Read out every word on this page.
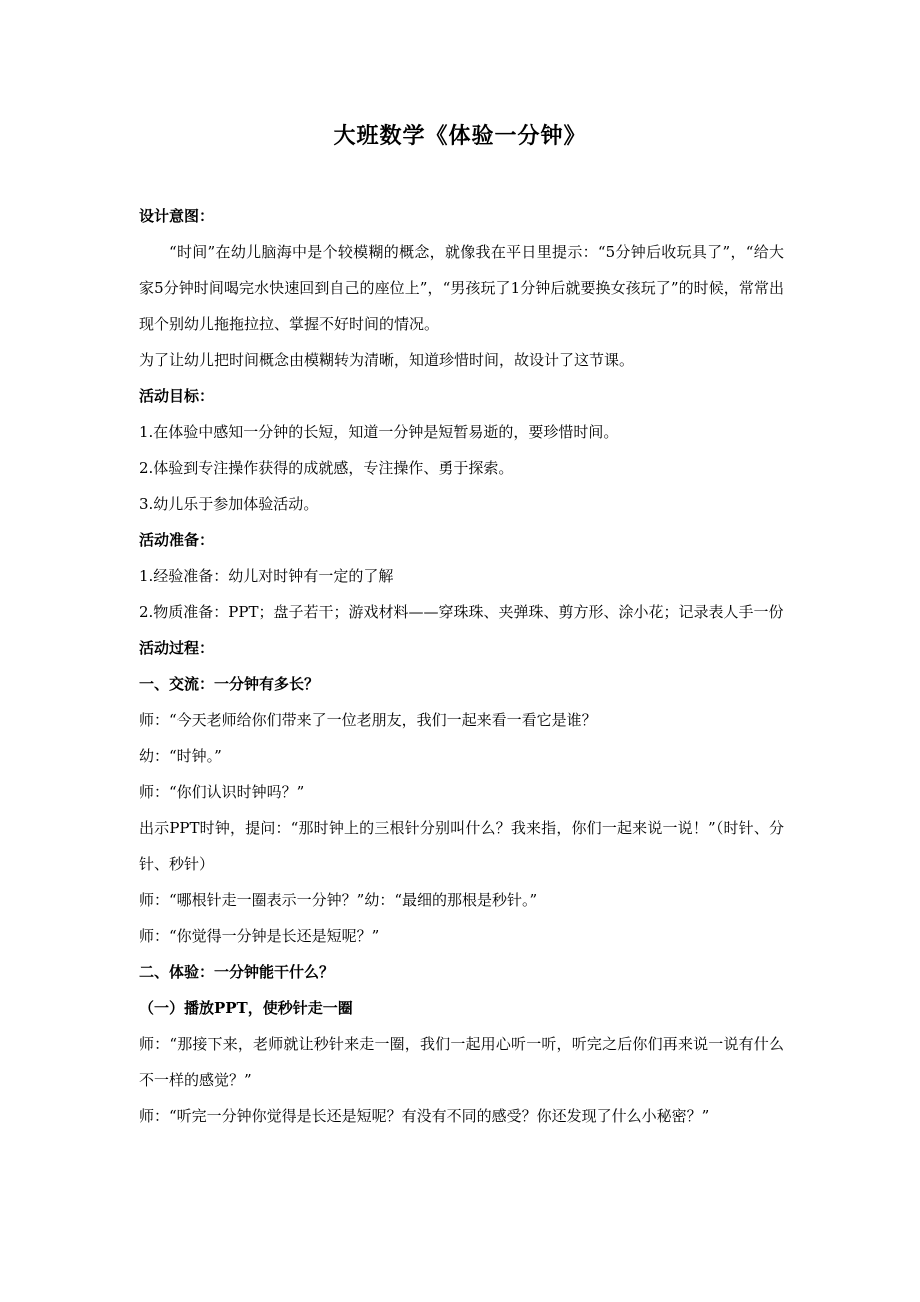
大班数学《体验一分钟》

设计意图：

“时间”在幼儿脑海中是个较模糊的概念，就像我在平日里提示：“5分钟后收玩具了”，“给大家5分钟时间喝完水快速回到自己的座位上”，“男孩玩了1分钟后就要换女孩玩了”的时候，常常出现个别幼儿拖拖拉拉、掌握不好时间的情况。

为了让幼儿把时间概念由模糊转为清晰，知道珍惜时间，故设计了这节课。

活动目标：

1.在体验中感知一分钟的长短，知道一分钟是短暂易逝的，要珍惜时间。

2.体验到专注操作获得的成就感，专注操作、勇于探索。

3.幼儿乐于参加体验活动。

活动准备：

1.经验准备：幼儿对时钟有一定的了解

2.物质准备：PPT；盘子若干；游戏材料——穿珠珠、夹弹珠、剪方形、涂小花；记录表人手一份

活动过程：

一、交流：一分钟有多长？

师：“今天老师给你们带来了一位老朋友，我们一起来看一看它是谁？

幼：“时钟。”

师：“你们认识时钟吗？”

出示PPT时钟，提问：“那时钟上的三根针分别叫什么？我来指，你们一起来说一说！”（时针、分针、秒针）

师：“哪根针走一圈表示一分钟？”幼：“最细的那根是秒针。”

师：“你觉得一分钟是长还是短呢？”

二、体验：一分钟能干什么？

（一）播放PPT，使秒针走一圈

师：“那接下来，老师就让秒针来走一圈，我们一起用心听一听，听完之后你们再来说一说有什么不一样的感觉？”

师：“听完一分钟你觉得是长还是短呢？有没有不同的感受？你还发现了什么小秘密？”
